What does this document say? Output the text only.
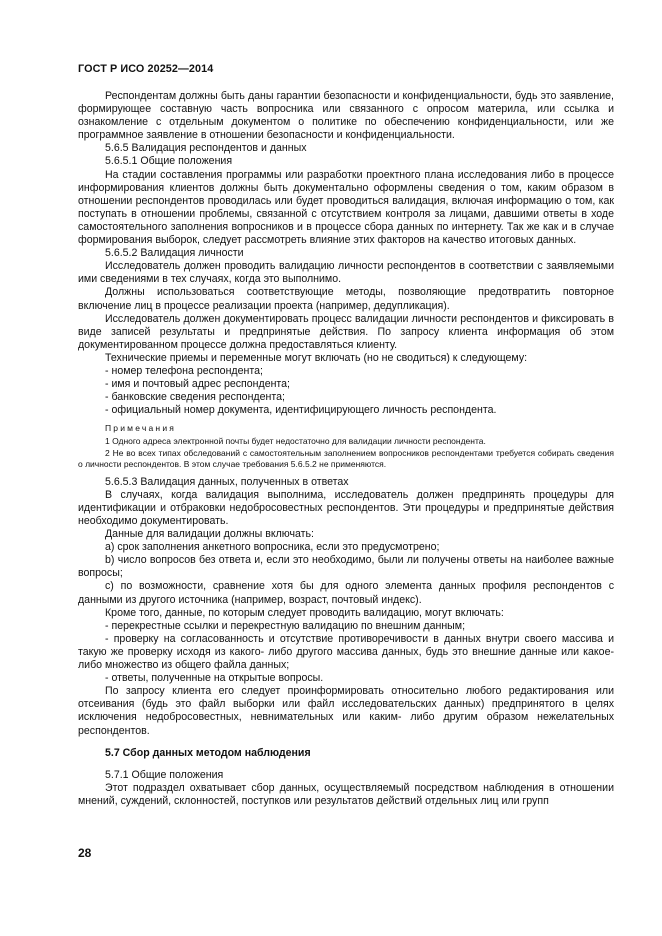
ГОСТ Р ИСО 20252—2014

Респондентам должны быть даны гарантии безопасности и конфиденциальности, будь это заявление, формирующее составную часть вопросника или связанного с опросом материла, или ссылка и ознакомление с отдельным документом о политике по обеспечению конфиденциальности, или же программное заявление в отношении безопасности и конфиденциальности.

5.6.5 Валидация респондентов и данных

5.6.5.1 Общие положения

На стадии составления программы или разработки проектного плана исследования либо в процессе информирования клиентов должны быть документально оформлены сведения о том, каким образом в отношении респондентов проводилась или будет проводиться валидация, включая информацию о том, как поступать в отношении проблемы, связанной с отсутствием контроля за лицами, давшими ответы в ходе самостоятельного заполнения вопросников и в процессе сбора данных по интернету. Так же как и в случае формирования выборок, следует рассмотреть влияние этих факторов на качество итоговых данных.

5.6.5.2 Валидация личности

Исследователь должен проводить валидацию личности респондентов в соответствии с заявляемыми ими сведениями в тех случаях, когда это выполнимо.

Должны использоваться соответствующие методы, позволяющие предотвратить повторное включение лиц в процессе реализации проекта (например, дедупликация).

Исследователь должен документировать процесс валидации личности респондентов и фиксировать в виде записей результаты и предпринятые действия. По запросу клиента информация об этом документированном процессе должна предоставляться клиенту.

Технические приемы и переменные могут включать (но не сводиться) к следующему:

- номер телефона респондента;

- имя и почтовый адрес респондента;

- банковские сведения респондента;

- официальный номер документа, идентифицирующего личность респондента.

Примечания

1 Одного адреса электронной почты будет недостаточно для валидации личности респондента.

2 Не во всех типах обследований с самостоятельным заполнением вопросников респондентами требуется собирать сведения о личности респондентов. В этом случае требования 5.6.5.2 не применяются.

5.6.5.3 Валидация данных, полученных в ответах

В случаях, когда валидация выполнима, исследователь должен предпринять процедуры для идентификации и отбраковки недобросовестных респондентов. Эти процедуры и предпринятые действия необходимо документировать.

Данные для валидации должны включать:

а) срок заполнения анкетного вопросника, если это предусмотрено;

b) число вопросов без ответа и, если это необходимо, были ли получены ответы на наиболее важные вопросы;

с) по возможности, сравнение хотя бы для одного элемента данных профиля респондентов с данными из другого источника (например, возраст, почтовый индекс).

Кроме того, данные, по которым следует проводить валидацию, могут включать:

- перекрестные ссылки и перекрестную валидацию по внешним данным;

- проверку на согласованность и отсутствие противоречивости в данных внутри своего массива и такую же проверку исходя из какого- либо другого массива данных, будь это внешние данные или какое-либо множество из общего файла данных;

- ответы, полученные на открытые вопросы.

По запросу клиента его следует проинформировать относительно любого редактирования или отсеивания (будь это файл выборки или файл исследовательских данных) предпринятого в целях исключения недобросовестных, невнимательных или каким- либо другим образом нежелательных респондентов.

5.7 Сбор данных методом наблюдения

5.7.1 Общие положения

Этот подраздел охватывает сбор данных, осуществляемый посредством наблюдения в отношении мнений, суждений, склонностей, поступков или результатов действий отдельных лиц или групп

28
